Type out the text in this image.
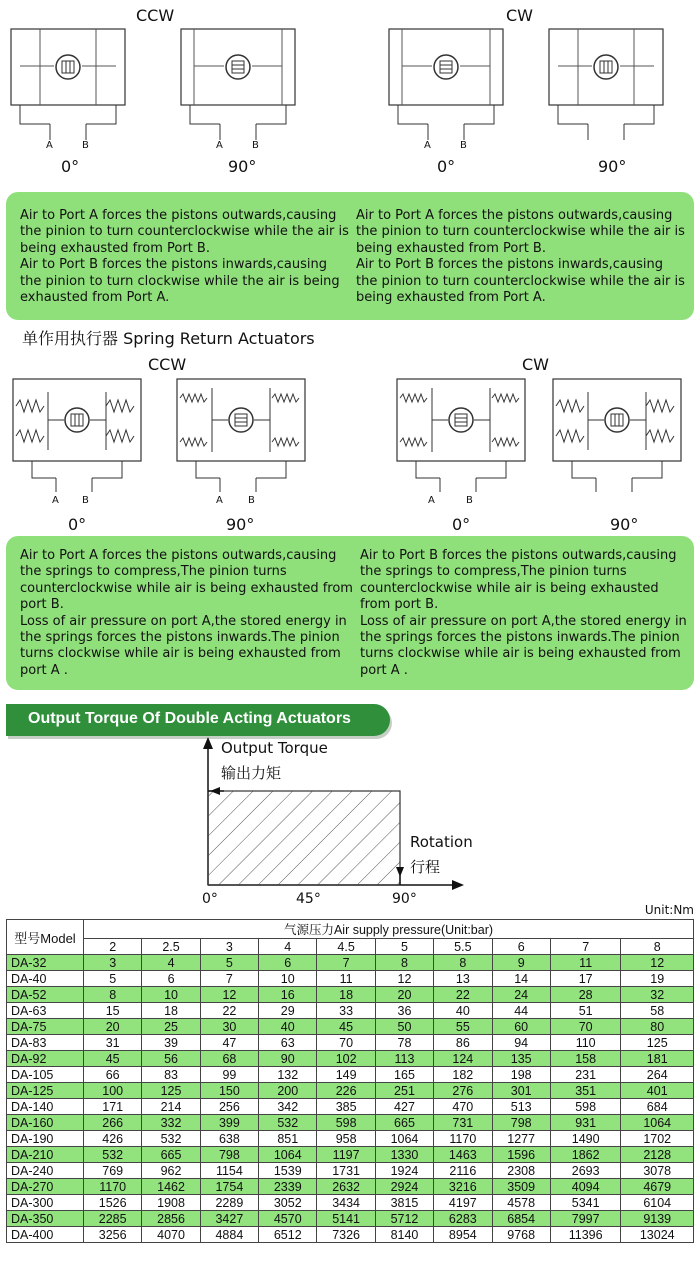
CCW	CW
A	B
0°
A	B
90°
A	B
0°	90°

Air to Port A forces the pistons outwards,causing the pinion to turn counterclockwise while the air is being exhausted from Port B.

Air to Port B forces the pistons inwards,causing the pinion to turn clockwise while the air is being exhausted from Port A.

Air to Port A forces the pistons outwards,causing the pinion to turn counterclockwise while the air is being exhausted from Port B.

Air to Port B forces the pistons inwards,causing the pinion to turn counterclockwise while the air is being exhausted from Port A.

单作用执行器 Spring Return Actuators
CCW	CW
A B
0°
A	B
90°
A	B
0°	90°

Air to Port A forces the pistons outwards,causing the springs to compress,The pinion turns counterclockwise while air is being exhausted from port B.

Loss of air pressure on port A,the stored energy in the springs forces the pistons inwards.The pinion turns clockwise while air is being exhausted from port A .

Air to Port B forces the pistons outwards,causing the springs to compress,The pinion turns counterclockwise while air is being exhausted from port B.

Loss of air pressure on port A,the stored energy in the springs forces the pistons inwards.The pinion turns clockwise while air is being exhausted from port A .

Output Torque Of Double Acting Actuators
Output Torque
输出力矩
Rotation
行程
0°	45°	90°
Unit:Nm
型号Model	气源压力Air supply pressure(Unit:bar)									
	2	2.5	3	4	4.5	5	5.5	6	7	8
DA-32	3	4	5	6	7	8	8	9	11	12
DA-40	5	6	7	10	11	12	13	14	17	19
DA-52	8	10	12	16	18	20	22	24	28	32
DA-63	15	18	22	29	33	36	40	44	51	58
DA-75	20	25	30	40	45	50	55	60	70	80
DA-83	31	39	47	63	70	78	86	94	110	125
DA-92	45	56	68	90	102	113	124	135	158	181
DA-105	66	83	99	132	149	165	182	198	231	264
DA-125	100	125	150	200	226	251	276	301	351	401
DA-140	171	214	256	342	385	427	470	513	598	684
DA-160	266	332	399	532	598	665	731	798	931	1064
DA-190	426	532	638	851	958	1064	1170	1277	1490	1702
DA-210	532	665	798	1064	1197	1330	1463	1596	1862	2128
DA-240	769	962	1154	1539	1731	1924	2116	2308	2693	3078
DA-270	1170	1462	1754	2339	2632	2924	3216	3509	4094	4679
DA-300	1526	1908	2289	3052	3434	3815	4197	4578	5341	6104
DA-350	2285	2856	3427	4570	5141	5712	6283	6854	7997	9139
DA-400	3256	4070	4884	6512	7326	8140	8954	9768	11396	13024
